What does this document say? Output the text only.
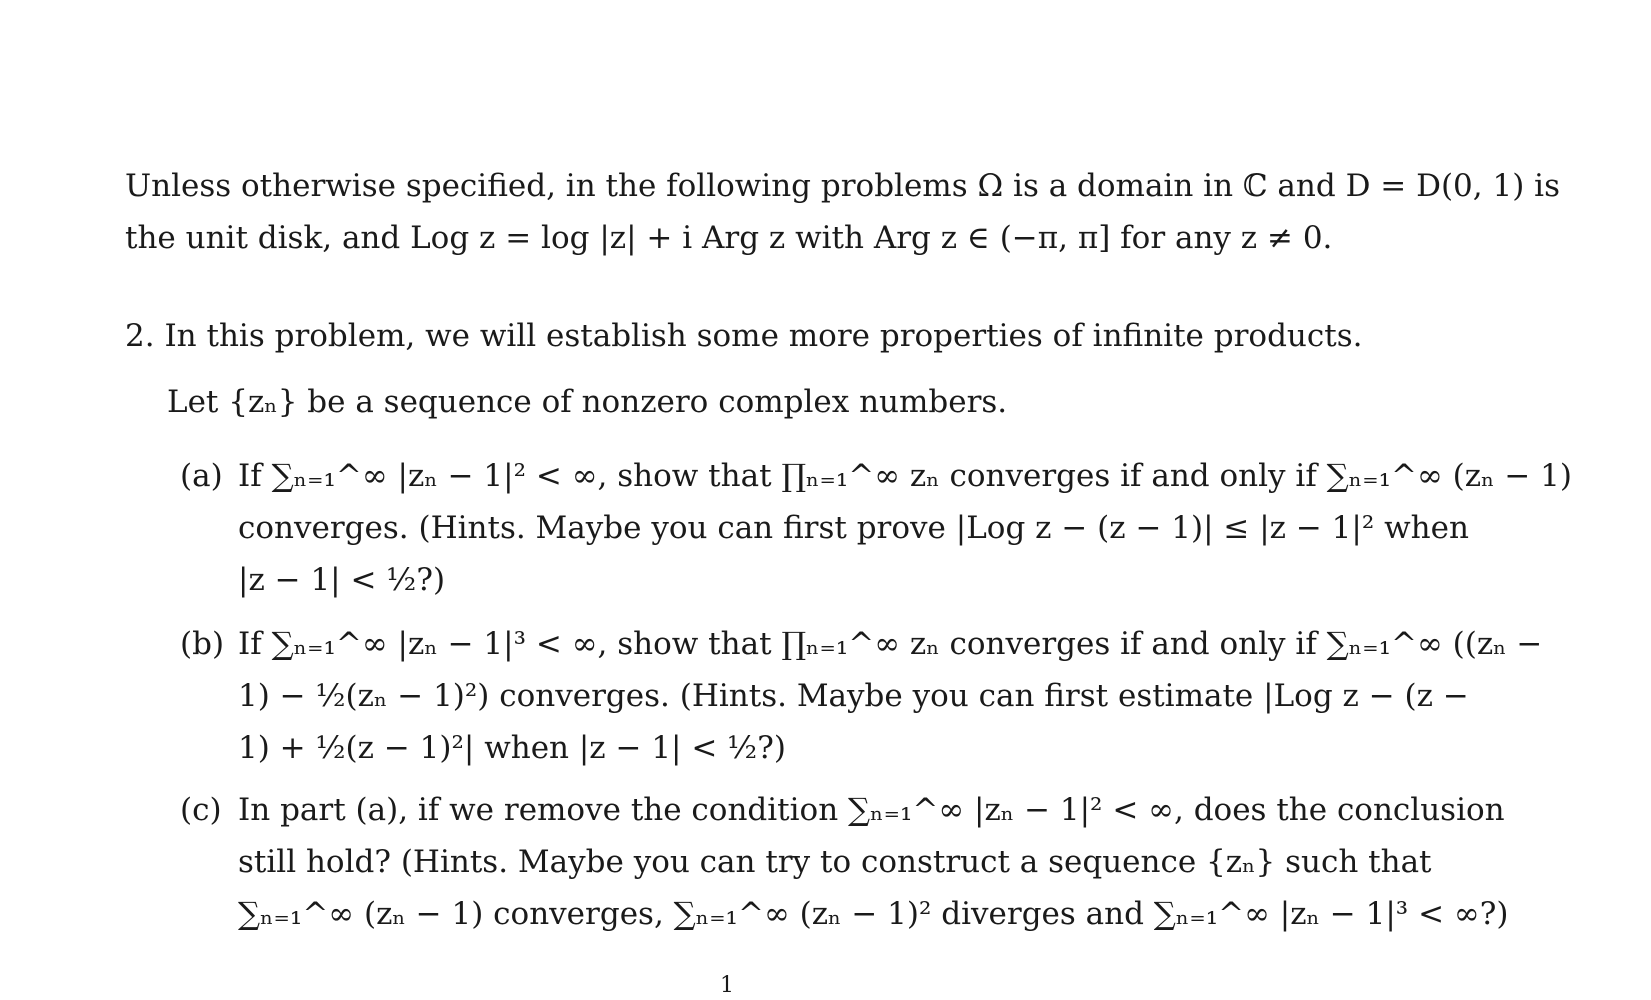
Unless otherwise specified, in the following problems Ω is a domain in ℂ and D = D(0, 1) is
the unit disk, and Log z = log |z| + i Arg z with Arg z ∈ (−π, π] for any z ≠ 0.
2. In this problem, we will establish some more properties of infinite products.
Let {zₙ} be a sequence of nonzero complex numbers.
(a) If ∑ₙ₌₁^∞ |zₙ − 1|² < ∞, show that ∏ₙ₌₁^∞ zₙ converges if and only if ∑ₙ₌₁^∞ (zₙ − 1)
converges. (Hints. Maybe you can first prove |Log z − (z − 1)| ≤ |z − 1|² when
|z − 1| < ½?)
(b) If ∑ₙ₌₁^∞ |zₙ − 1|³ < ∞, show that ∏ₙ₌₁^∞ zₙ converges if and only if ∑ₙ₌₁^∞ ((zₙ −
1) − ½(zₙ − 1)²) converges. (Hints. Maybe you can first estimate |Log z − (z −
1) + ½(z − 1)²| when |z − 1| < ½?)
(c) In part (a), if we remove the condition ∑ₙ₌₁^∞ |zₙ − 1|² < ∞, does the conclusion
still hold? (Hints. Maybe you can try to construct a sequence {zₙ} such that
∑ₙ₌₁^∞ (zₙ − 1) converges, ∑ₙ₌₁^∞ (zₙ − 1)² diverges and ∑ₙ₌₁^∞ |zₙ − 1|³ < ∞?)
1
